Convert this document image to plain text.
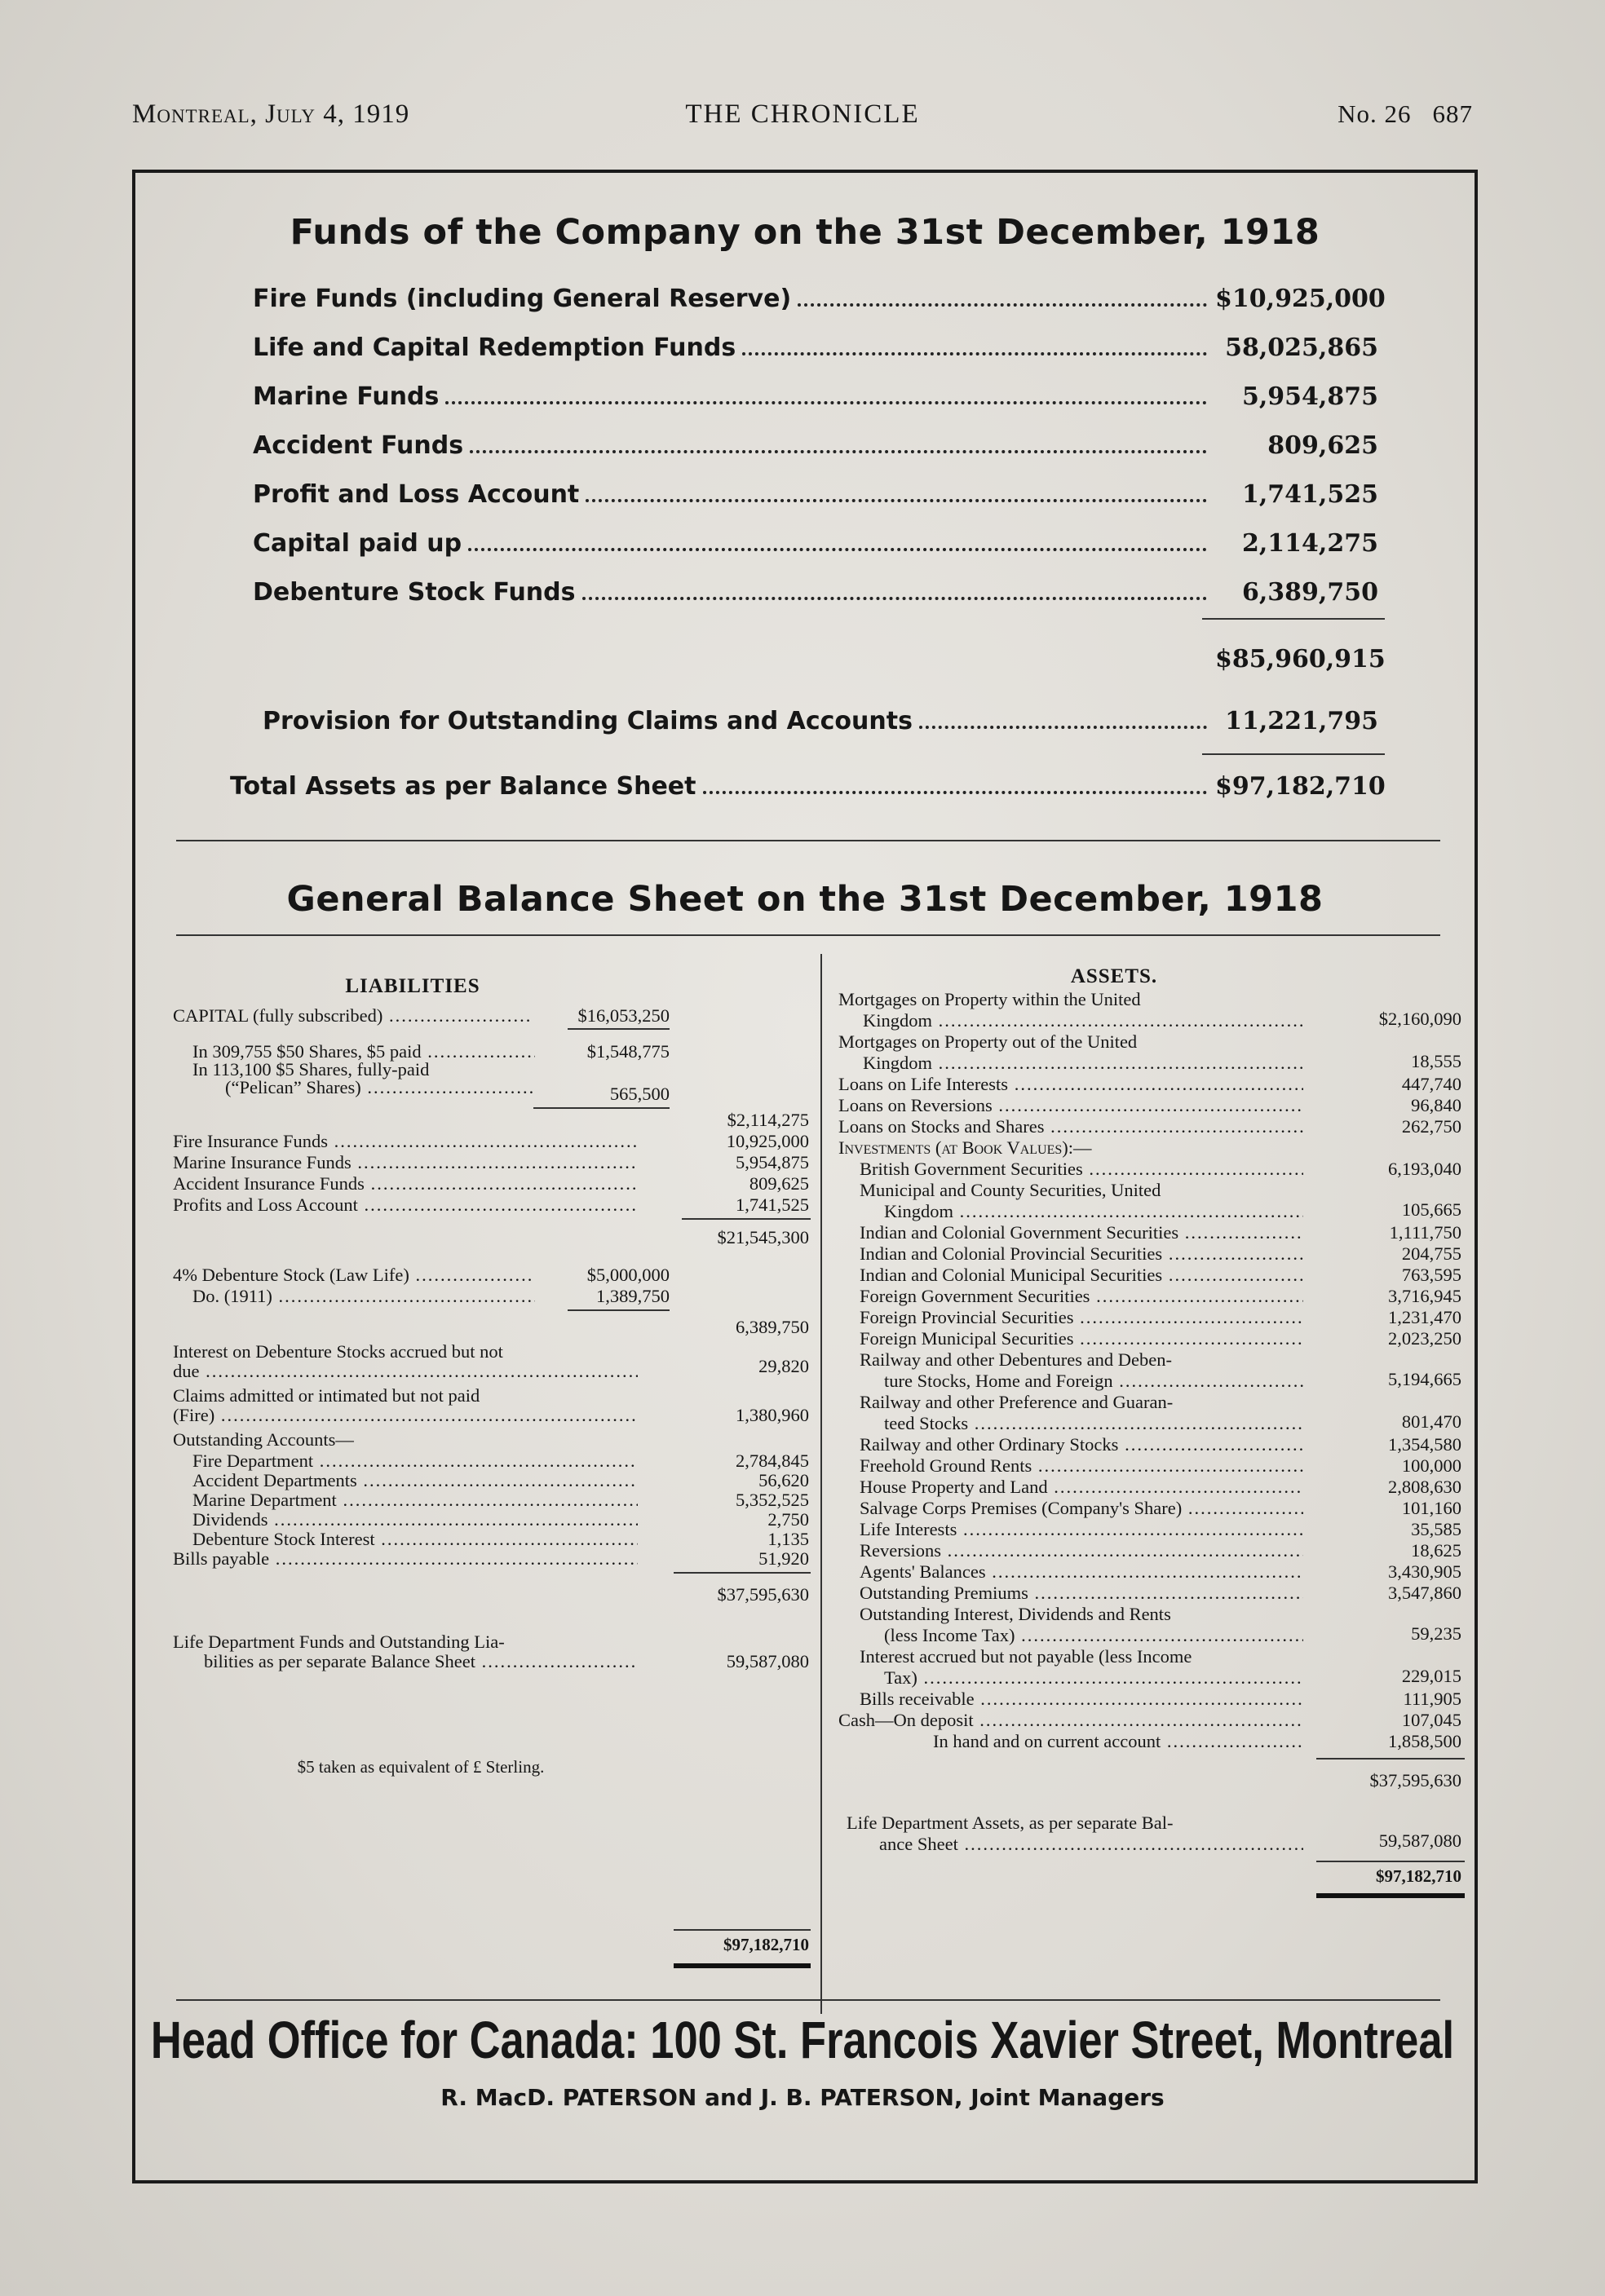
Montreal, July 4, 1919	THE CHRONICLE	No. 26 687
Funds of the Company on the 31st December, 1918
Fire Funds (including General Reserve)	$10,925,000
Life and Capital Redemption Funds	58,025,865
Marine Funds	5,954,875
Accident Funds	809,625
Profit and Loss Account	1,741,525
Capital paid up	2,114,275
Debenture Stock Funds	6,389,750
$85,960,915
Provision for Outstanding Claims and Accounts	11,221,795
Total Assets as per Balance Sheet	$97,182,710
General Balance Sheet on the 31st December, 1918
LIABILITIES	ASSETS.
CAPITAL (fully subscribed) .....	$16,053,250
In 309,755 $50 Shares, $5 paid .....	$1,548,775
In 113,100 $5 Shares, fully-paid
(“Pelican” Shares) .....	565,500
$2,114,275
Fire Insurance Funds .....	10,925,000
Marine Insurance Funds .....	5,954,875
Accident Insurance Funds .....	809,625
Profits and Loss Account .....	1,741,525
$21,545,300
4% Debenture Stock (Law Life) .....	$5,000,000
Do. (1911) .....	1,389,750
6,389,750
Interest on Debenture Stocks accrued but not
due .....	29,820
Claims admitted or intimated but not paid
(Fire) .....	1,380,960
Outstanding Accounts—
Fire Department .....	2,784,845
Accident Departments .....	56,620
Marine Department .....	5,352,525
Dividends .....	2,750
Debenture Stock Interest .....	1,135
Bills payable .....	51,920
$37,595,630
Life Department Funds and Outstanding Lia-
bilities as per separate Balance Sheet .....	59,587,080
$5 taken as equivalent of £ Sterling.
$97,182,710
Mortgages on Property within the United
Kingdom .....	$2,160,090
Mortgages on Property out of the United
Kingdom .....	18,555
Loans on Life Interests .....	447,740
Loans on Reversions .....	96,840
Loans on Stocks and Shares .....	262,750
Investments (at Book Values):—
British Government Securities .....	6,193,040
Municipal and County Securities, United
Kingdom .....	105,665
Indian and Colonial Government Securities .....	1,111,750
Indian and Colonial Provincial Securities .....	204,755
Indian and Colonial Municipal Securities .....	763,595
Foreign Government Securities .....	3,716,945
Foreign Provincial Securities .....	1,231,470
Foreign Municipal Securities .....	2,023,250
Railway and other Debentures and Deben-
ture Stocks, Home and Foreign .....	5,194,665
Railway and other Preference and Guaran-
teed Stocks .....	801,470
Railway and other Ordinary Stocks .....	1,354,580
Freehold Ground Rents .....	100,000
House Property and Land .....	2,808,630
Salvage Corps Premises (Company's Share) .....	101,160
Life Interests .....	35,585
Reversions .....	18,625
Agents' Balances .....	3,430,905
Outstanding Premiums .....	3,547,860
Outstanding Interest, Dividends and Rents
(less Income Tax) .....	59,235
Interest accrued but not payable (less Income
Tax) .....	229,015
Bills receivable .....	111,905
Cash—On deposit .....	107,045
In hand and on current account .....	1,858,500
$37,595,630
Life Department Assets, as per separate Bal-
ance Sheet .....	59,587,080
$97,182,710
Head Office for Canada: 100 St. Francois Xavier Street, Montreal
R. MacD. PATERSON and J. B. PATERSON, Joint Managers
